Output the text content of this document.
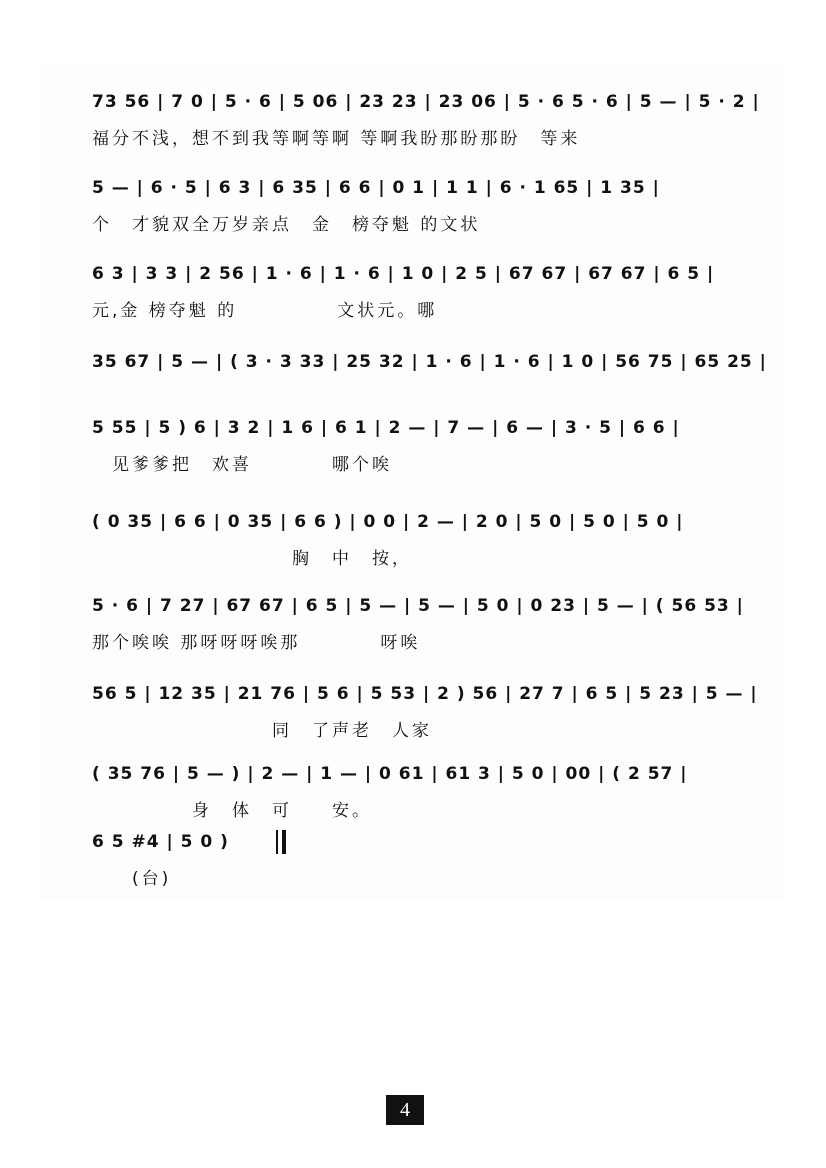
73 56 | 7 0 | 5 · 6 | 5 06 | 23 23 | 23 06 | 5 · 6 5 · 6 | 5 — | 5 · 2 |
福分不浅，想不到我等啊等啊 等啊我盼那盼那盼　等来
5 — | 6 · 5 | 6 3 | 6 35 | 6 6 | 0 1 | 1 1 | 6 · 1 65 | 1 35 |
个　才貌双全万岁亲点　金　榜夺魁 的文状
6 3 | 3 3 | 2 56 | 1 · 6 | 1 · 6 | 1 0 | 2 5 | 67 67 | 67 67 | 6 5 |
元,金 榜夺魁 的　　　　　文状元。哪
35 67 | 5 — | ( 3 · 3 33 | 25 32 | 1 · 6 | 1 · 6 | 1 0 | 56 75 | 65 25 |
5 55 | 5 ) 6 | 3 2 | 1 6 | 6 1 | 2 — | 7 — | 6 — | 3 · 5 | 6 6 |
　见爹爹把　欢喜　　　　哪个唉
( 0 35 | 6 6 | 0 35 | 6 6 ) | 0 0 | 2 — | 2 0 | 5 0 | 5 0 | 5 0 |
　　　　　　　　　　胸　中　按，
5 · 6 | 7 27 | 67 67 | 6 5 | 5 — | 5 — | 5 0 | 0 23 | 5 — | ( 56 53 |
那个唉唉 那呀呀呀唉那　　　　呀唉
56 5 | 12 35 | 21 76 | 5 6 | 5 53 | 2 ) 56 | 27 7 | 6 5 | 5 23 | 5 — |
　　　　　　　　　同　了声老　人家
( 35 76 | 5 — ) | 2 — | 1 — | 0 61 | 61 3 | 5 0 | 00 | ( 2 57 |
　　　　　身　体　可　　安。
6 5 #4 | 5 0 )
　　(台)
4
